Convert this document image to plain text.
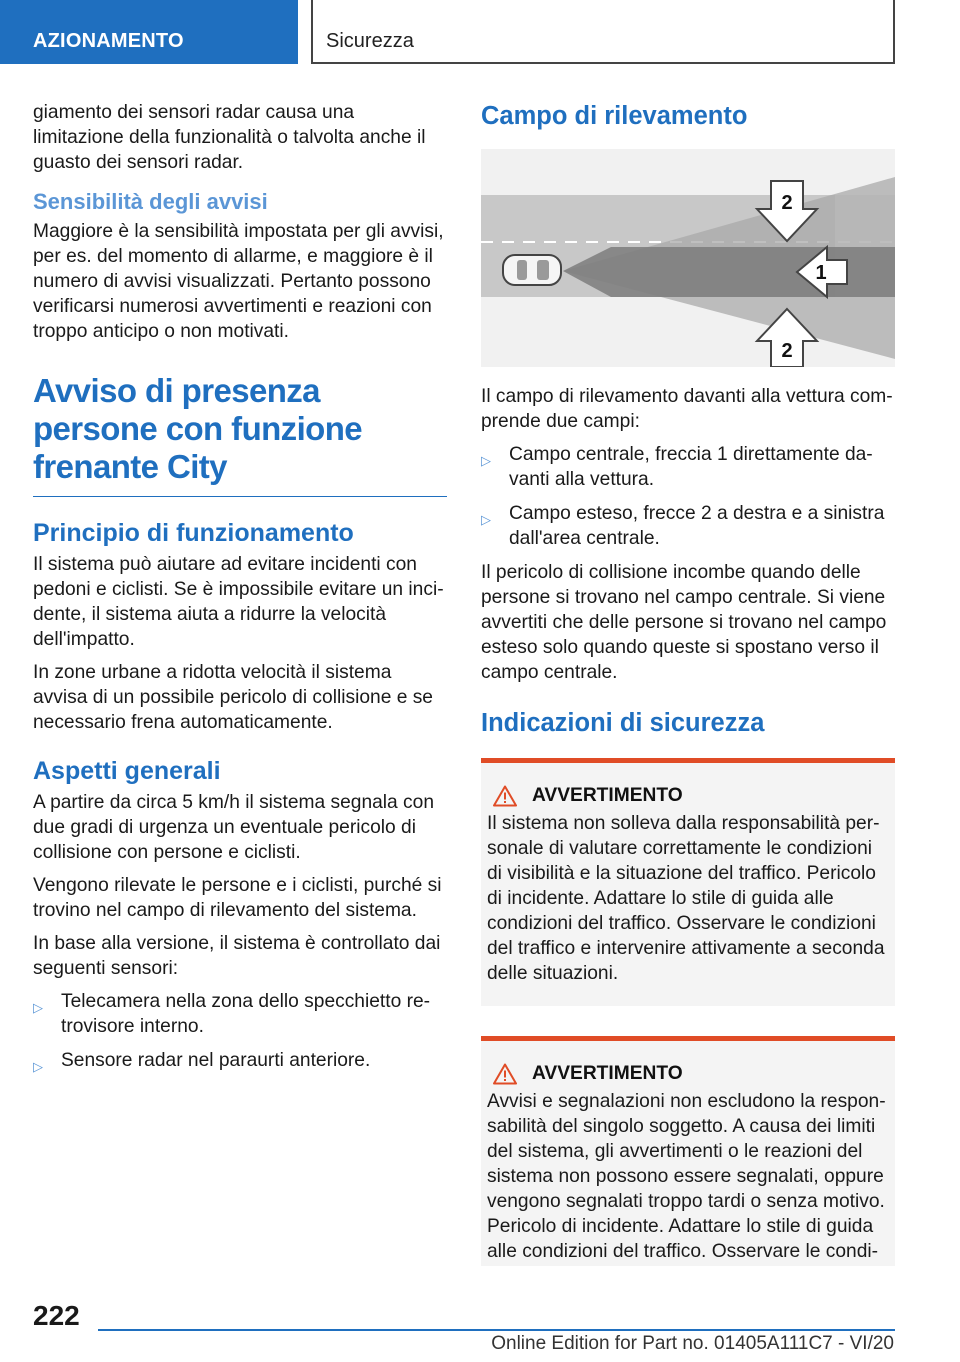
AZIONAMENTO	Sicurezza

giamento dei sensori radar causa una limitazione della funzionalità o talvolta anche il guasto dei sensori radar.

Sensibilità degli avvisi

Maggiore è la sensibilità impostata per gli avvisi, per es. del momento di allarme, e maggiore è il numero di avvisi visualizzati. Pertanto possono verificarsi numerosi avvertimenti e reazioni con troppo anticipo o non motivati.

Avviso di presenza persone con funzione frenante City
Principio di funzionamento

Il sistema può aiutare ad evitare incidenti con pedoni e ciclisti. Se è impossibile evitare un incidente, il sistema aiuta a ridurre la velocità dell'impatto.

In zone urbane a ridotta velocità il sistema avvisa di un possibile pericolo di collisione e se necessario frena automaticamente.

Aspetti generali

A partire da circa 5 km/h il sistema segnala con due gradi di urgenza un eventuale pericolo di collisione con persone e ciclisti.

Vengono rilevate le persone e i ciclisti, purché si trovino nel campo di rilevamento del sistema.

In base alla versione, il sistema è controllato dai seguenti sensori:

▷ Telecamera nella zona dello specchietto retrovisore interno.
▷ Sensore radar nel paraurti anteriore.
Campo di rilevamento
2
1
2

Il campo di rilevamento davanti alla vettura comprende due campi:

▷ Campo centrale, freccia 1 direttamente davanti alla vettura.
▷ Campo esteso, frecce 2 a destra e a sinistra dall'area centrale.

Il pericolo di collisione incombe quando delle persone si trovano nel campo centrale. Si viene avvertiti che delle persone si trovano nel campo esteso solo quando queste si spostano verso il campo centrale.

Indicazioni di sicurezza
AVVERTIMENTO

Il sistema non solleva dalla responsabilità personale di valutare correttamente le condizioni di visibilità e la situazione del traffico. Pericolo di incidente. Adattare lo stile di guida alle condizioni del traffico. Osservare le condizioni del traffico e intervenire attivamente a seconda delle situazioni.

AVVERTIMENTO

Avvisi e segnalazioni non escludono la responsabilità del singolo soggetto. A causa dei limiti del sistema, gli avvertimenti o le reazioni del sistema non possono essere segnalati, oppure vengono segnalati troppo tardi o senza motivo. Pericolo di incidente. Adattare lo stile di guida alle condizioni del traffico. Osservare le condi-

222
Online Edition for Part no. 01405A111C7 - VI/20
